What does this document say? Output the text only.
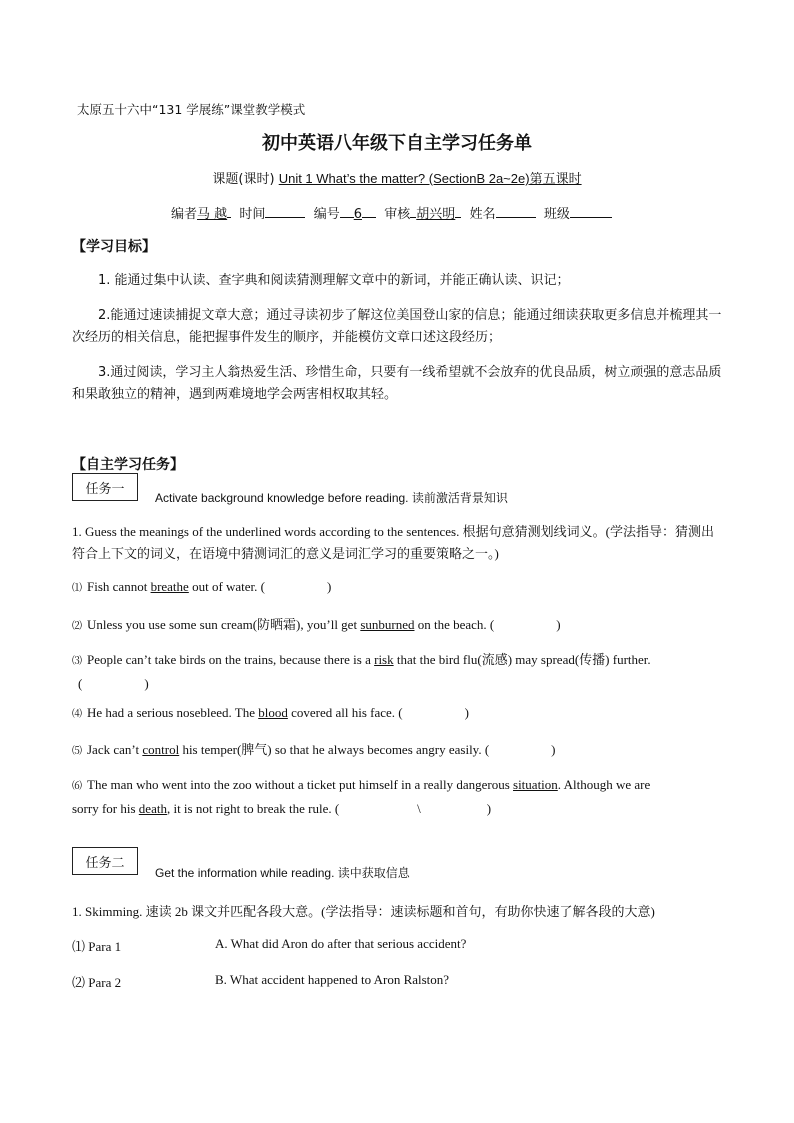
太原五十六中“131 学展练”课堂教学模式
初中英语八年级下自主学习任务单
课题(课时) Unit 1 What’s the matter? (SectionB 2a~2e)第五课时
编者马 越 时间	编号 6 审核 胡兴明 姓名	班级
【学习目标】
1. 能通过集中认读、查字典和阅读猜测理解文章中的新词，并能正确认读、识记；
2.能通过速读捕捉文章大意；通过寻读初步了解这位美国登山家的信息；能通过细读获取更多信息并梳理其一次经历的相关信息，能把握事件发生的顺序，并能模仿文章口述这段经历；
3.通过阅读，学习主人翁热爱生活、珍惜生命，只要有一线希望就不会放弃的优良品质，树立顽强的意志品质和果敢独立的精神，遇到两难境地学会两害相权取其轻。
【自主学习任务】
任务一
Activate background knowledge before reading. 读前激活背景知识
1. Guess the meanings of the underlined words according to the sentences. 根据句意猜测划线词义。(学法指导：猜测出符合上下文的词义，在语境中猜测词汇的意义是词汇学习的重要策略之一。)
⑴ Fish cannot breathe out of water. (	)
⑵ Unless you use some sun cream(防晒霜), you’ll get sunburned on the beach. (	)
⑶ People can’t take birds on the trains, because there is a risk that the bird flu(流感) may spread(传播) further.
(	)
⑷ He had a serious nosebleed. The blood covered all his face. (	)
⑸ Jack can’t control his temper(脾气) so that he always becomes angry easily. (	)
⑹ The man who went into the zoo without a ticket put himself in a really dangerous situation. Although we are
sorry for his death, it is not right to break the rule. (	\	)
任务二
Get the information while reading. 读中获取信息
1. Skimming. 速读 2b 课文并匹配各段大意。(学法指导：速读标题和首句，有助你快速了解各段的大意)
⑴ Para 1	A. What did Aron do after that serious accident?
⑵ Para 2	B. What accident happened to Aron Ralston?
